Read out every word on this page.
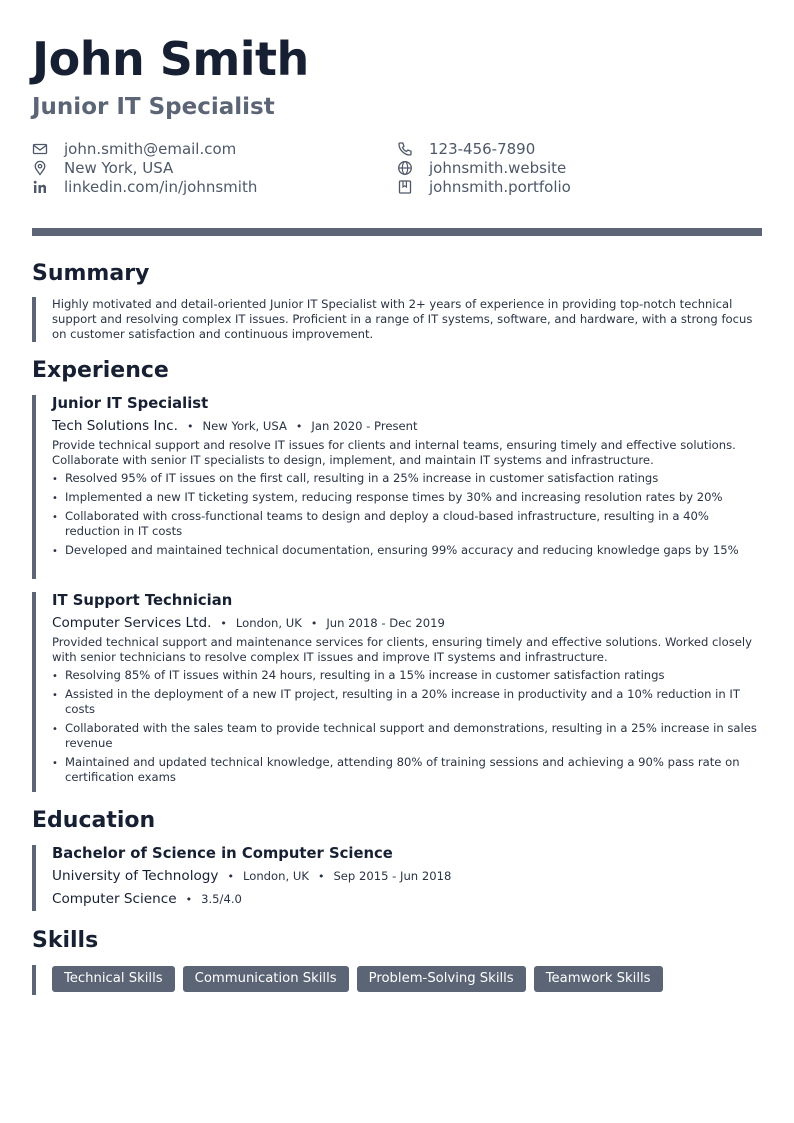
John Smith
Junior IT Specialist
john.smith@email.com
New York, USA
linkedin.com/in/johnsmith
123-456-7890
johnsmith.website
johnsmith.portfolio
Summary
Highly motivated and detail-oriented Junior IT Specialist with 2+ years of experience in providing top-notch technical support and resolving complex IT issues. Proficient in a range of IT systems, software, and hardware, with a strong focus on customer satisfaction and continuous improvement.
Experience
Junior IT Specialist
Tech Solutions Inc. • New York, USA • Jan 2020 - Present
Provide technical support and resolve IT issues for clients and internal teams, ensuring timely and effective solutions. Collaborate with senior IT specialists to design, implement, and maintain IT systems and infrastructure.
• Resolved 95% of IT issues on the first call, resulting in a 25% increase in customer satisfaction ratings
• Implemented a new IT ticketing system, reducing response times by 30% and increasing resolution rates by 20%
• Collaborated with cross-functional teams to design and deploy a cloud-based infrastructure, resulting in a 40% reduction in IT costs
• Developed and maintained technical documentation, ensuring 99% accuracy and reducing knowledge gaps by 15%
IT Support Technician
Computer Services Ltd. • London, UK • Jun 2018 - Dec 2019
Provided technical support and maintenance services for clients, ensuring timely and effective solutions. Worked closely with senior technicians to resolve complex IT issues and improve IT systems and infrastructure.
• Resolving 85% of IT issues within 24 hours, resulting in a 15% increase in customer satisfaction ratings
• Assisted in the deployment of a new IT project, resulting in a 20% increase in productivity and a 10% reduction in IT costs
• Collaborated with the sales team to provide technical support and demonstrations, resulting in a 25% increase in sales revenue
• Maintained and updated technical knowledge, attending 80% of training sessions and achieving a 90% pass rate on certification exams
Education
Bachelor of Science in Computer Science
University of Technology • London, UK • Sep 2015 - Jun 2018
Computer Science • 3.5/4.0
Skills
Technical Skills	Communication Skills	Problem-Solving Skills	Teamwork Skills
